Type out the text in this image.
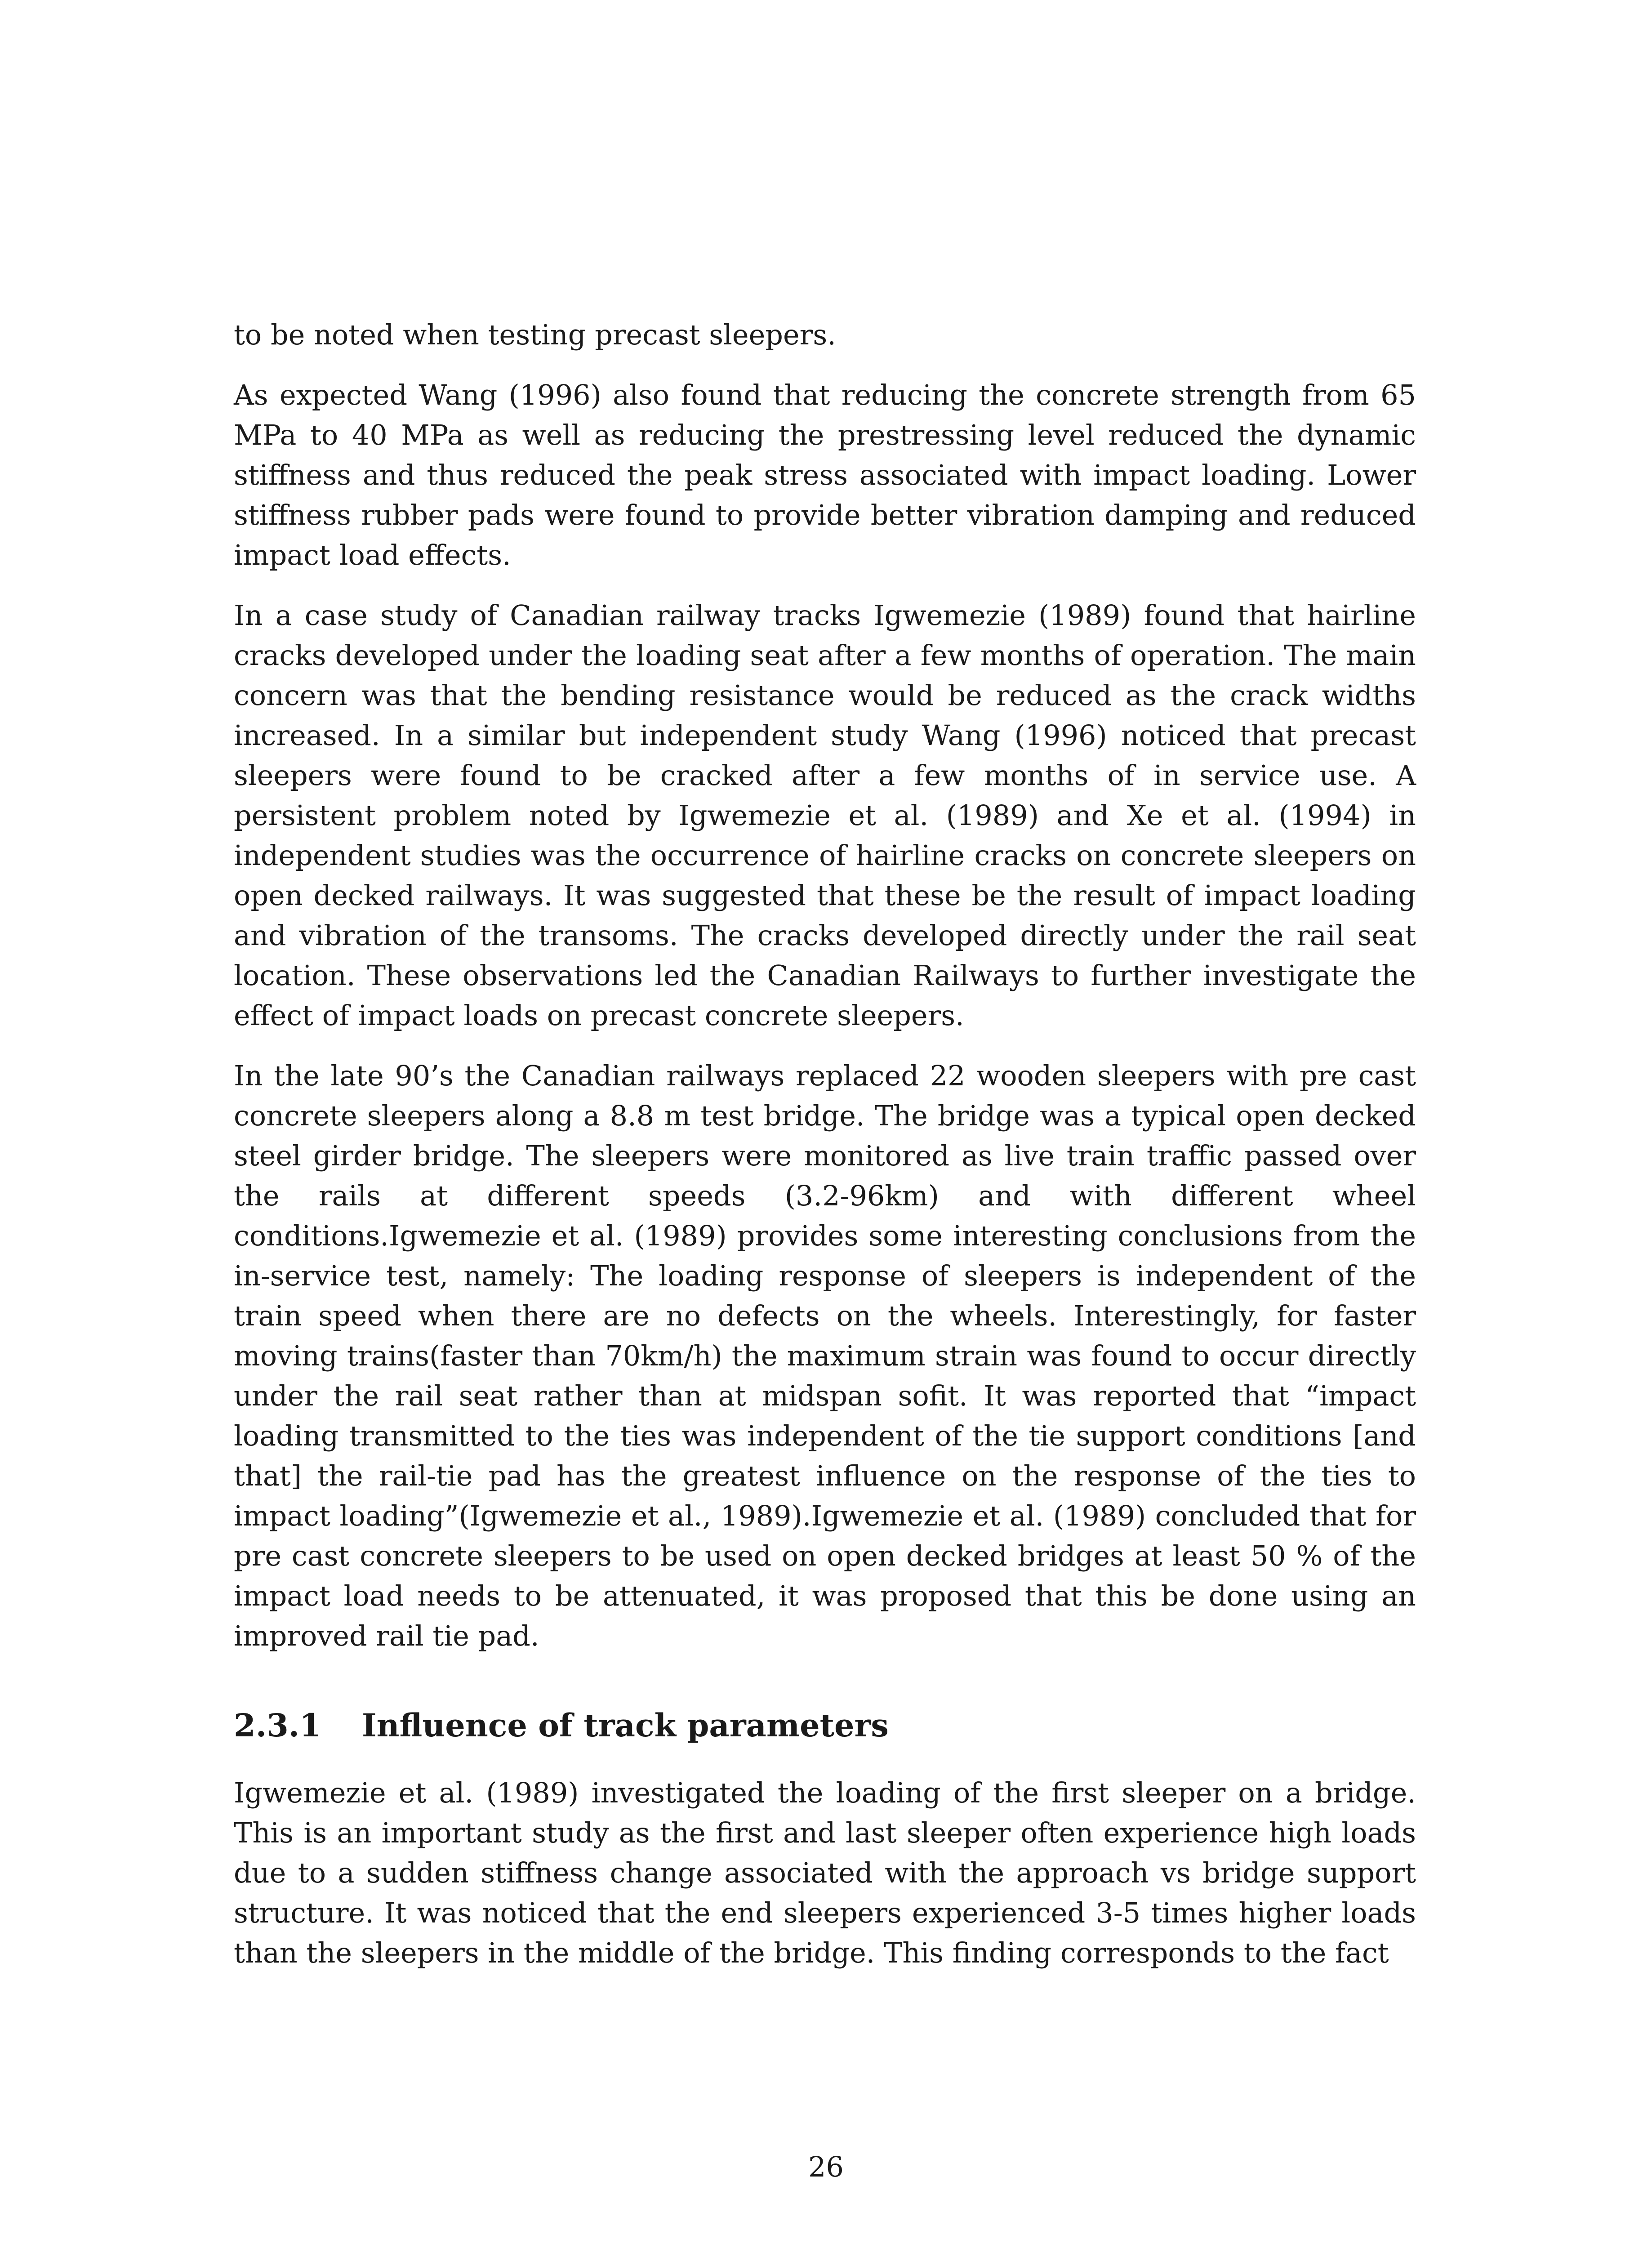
to be noted when testing precast sleepers.

As expected Wang (1996) also found that reducing the concrete strength from 65 MPa to 40 MPa as well as reducing the prestressing level reduced the dynamic stiffness and thus reduced the peak stress associated with impact loading. Lower stiffness rubber pads were found to provide better vibration damping and reduced impact load effects.

In a case study of Canadian railway tracks Igwemezie (1989) found that hairline cracks developed under the loading seat after a few months of operation. The main concern was that the bending resistance would be reduced as the crack widths increased. In a similar but independent study Wang (1996) noticed that precast sleepers were found to be cracked after a few months of in service use. A persistent problem noted by Igwemezie et al. (1989) and Xe et al. (1994) in independent studies was the occurrence of hairline cracks on concrete sleepers on open decked railways. It was suggested that these be the result of impact loading and vibration of the transoms. The cracks developed directly under the rail seat location. These observations led the Canadian Railways to further investigate the effect of impact loads on precast concrete sleepers.

In the late 90’s the Canadian railways replaced 22 wooden sleepers with pre cast concrete sleepers along a 8.8 m test bridge. The bridge was a typical open decked steel girder bridge. The sleepers were monitored as live train traffic passed over the rails at different speeds (3.2-96km) and with different wheel conditions.Igwemezie et al. (1989) provides some interesting conclusions from the in-service test, namely: The loading response of sleepers is independent of the train speed when there are no defects on the wheels. Interestingly, for faster moving trains(faster than 70km/h) the maximum strain was found to occur directly under the rail seat rather than at midspan sofit. It was reported that “impact loading transmitted to the ties was independent of the tie support conditions [and that] the rail-tie pad has the greatest influence on the response of the ties to impact loading”(Igwemezie et al., 1989).Igwemezie et al. (1989) concluded that for pre cast concrete sleepers to be used on open decked bridges at least 50 % of the impact load needs to be attenuated, it was proposed that this be done using an improved rail tie pad.

2.3.1 Influence of track parameters

Igwemezie et al. (1989) investigated the loading of the first sleeper on a bridge. This is an important study as the first and last sleeper often experience high loads due to a sudden stiffness change associated with the approach vs bridge support structure. It was noticed that the end sleepers experienced 3-5 times higher loads than the sleepers in the middle of the bridge. This finding corresponds to the fact

26
